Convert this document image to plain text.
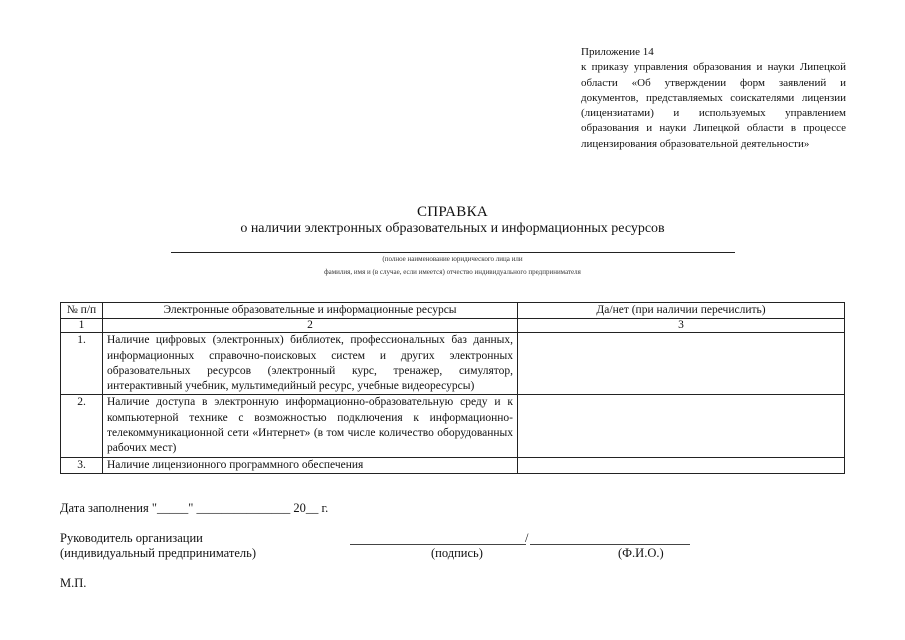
Приложение 14
к приказу управления образования и науки Липецкой области «Об утверждении форм заявлений и документов, представляемых соискателями лицензии (лицензиатами) и используемых управлением образования и науки Липецкой области в процессе лицензирования образовательной деятельности»
СПРАВКА
о наличии электронных образовательных и информационных ресурсов
(полное наименование юридического лица или
фамилия, имя и (в случае, если имеется) отчество индивидуального предпринимателя
№ п/п	Электронные образовательные и информационные ресурсы	Да/нет (при наличии перечислить)
1	2	3
1.	Наличие цифровых (электронных) библиотек, профессиональных баз данных, информационных справочно-поисковых систем и других электронных образовательных ресурсов (электронный курс, тренажер, симулятор, интерактивный учебник, мультимедийный ресурс, учебные видеоресурсы)	
2.	Наличие доступа в электронную информационно-образовательную среду и к компьютерной технике с возможностью подключения к информационно-телекоммуникационной сети «Интернет» (в том числе количество оборудованных рабочих мест)	
3.	Наличие лицензионного программного обеспечения	
Дата заполнения "_____" _______________ 20__ г.
Руководитель организации
(индивидуальный предприниматель)
/
(подпись)	(Ф.И.О.)
М.П.
